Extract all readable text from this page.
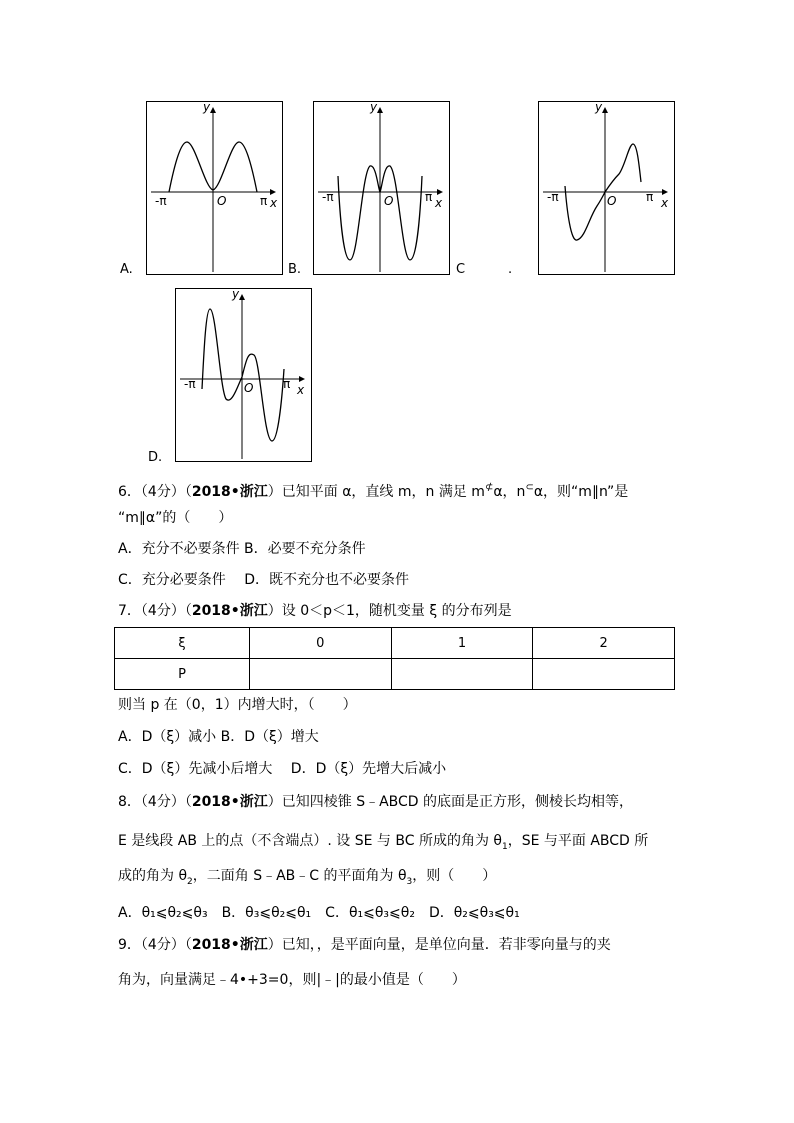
y
-π	O	π x
A.
y
-π	O	π x
B.	C	.
y
-π	O π x
y
-π	O π x
D.
6．（4分）（2018•浙江）已知平面 α，直线 m，n 满足 m⊄α，n⊂α，则“m∥n”是
“m∥α”的（　　）
A．充分不必要条件 B．必要不充分条件
C．充分必要条件　 D．既不充分也不必要条件
7．（4分）（2018•浙江）设 0＜p＜1，随机变量 ξ 的分布列是
ξ	0	1	2
P			
则当 p 在（0，1）内增大时，（　　）
A．D（ξ）减小 B．D（ξ）增大
C．D（ξ）先减小后增大　 D．D（ξ）先增大后减小
8．（4分）（2018•浙江）已知四棱锥 S﹣ABCD 的底面是正方形，侧棱长均相等，
E 是线段 AB 上的点（不含端点）. 设 SE 与 BC 所成的角为 $\theta_1$，SE 与平面 ABCD 所
成的角为 $\theta_2$，二面角 S﹣AB﹣C 的平面角为 $\theta_3$，则（　　）
A．θ₁⩽θ₂⩽θ₃　B．θ₃⩽θ₂⩽θ₁　C．θ₁⩽θ₃⩽θ₂　D．θ₂⩽θ₃⩽θ₁
9．（4分）（2018•浙江）已知，，是平面向量，是单位向量．若非零向量与的夹
角为，向量满足﹣4•+3=0，则|﹣|的最小值是（　　）
